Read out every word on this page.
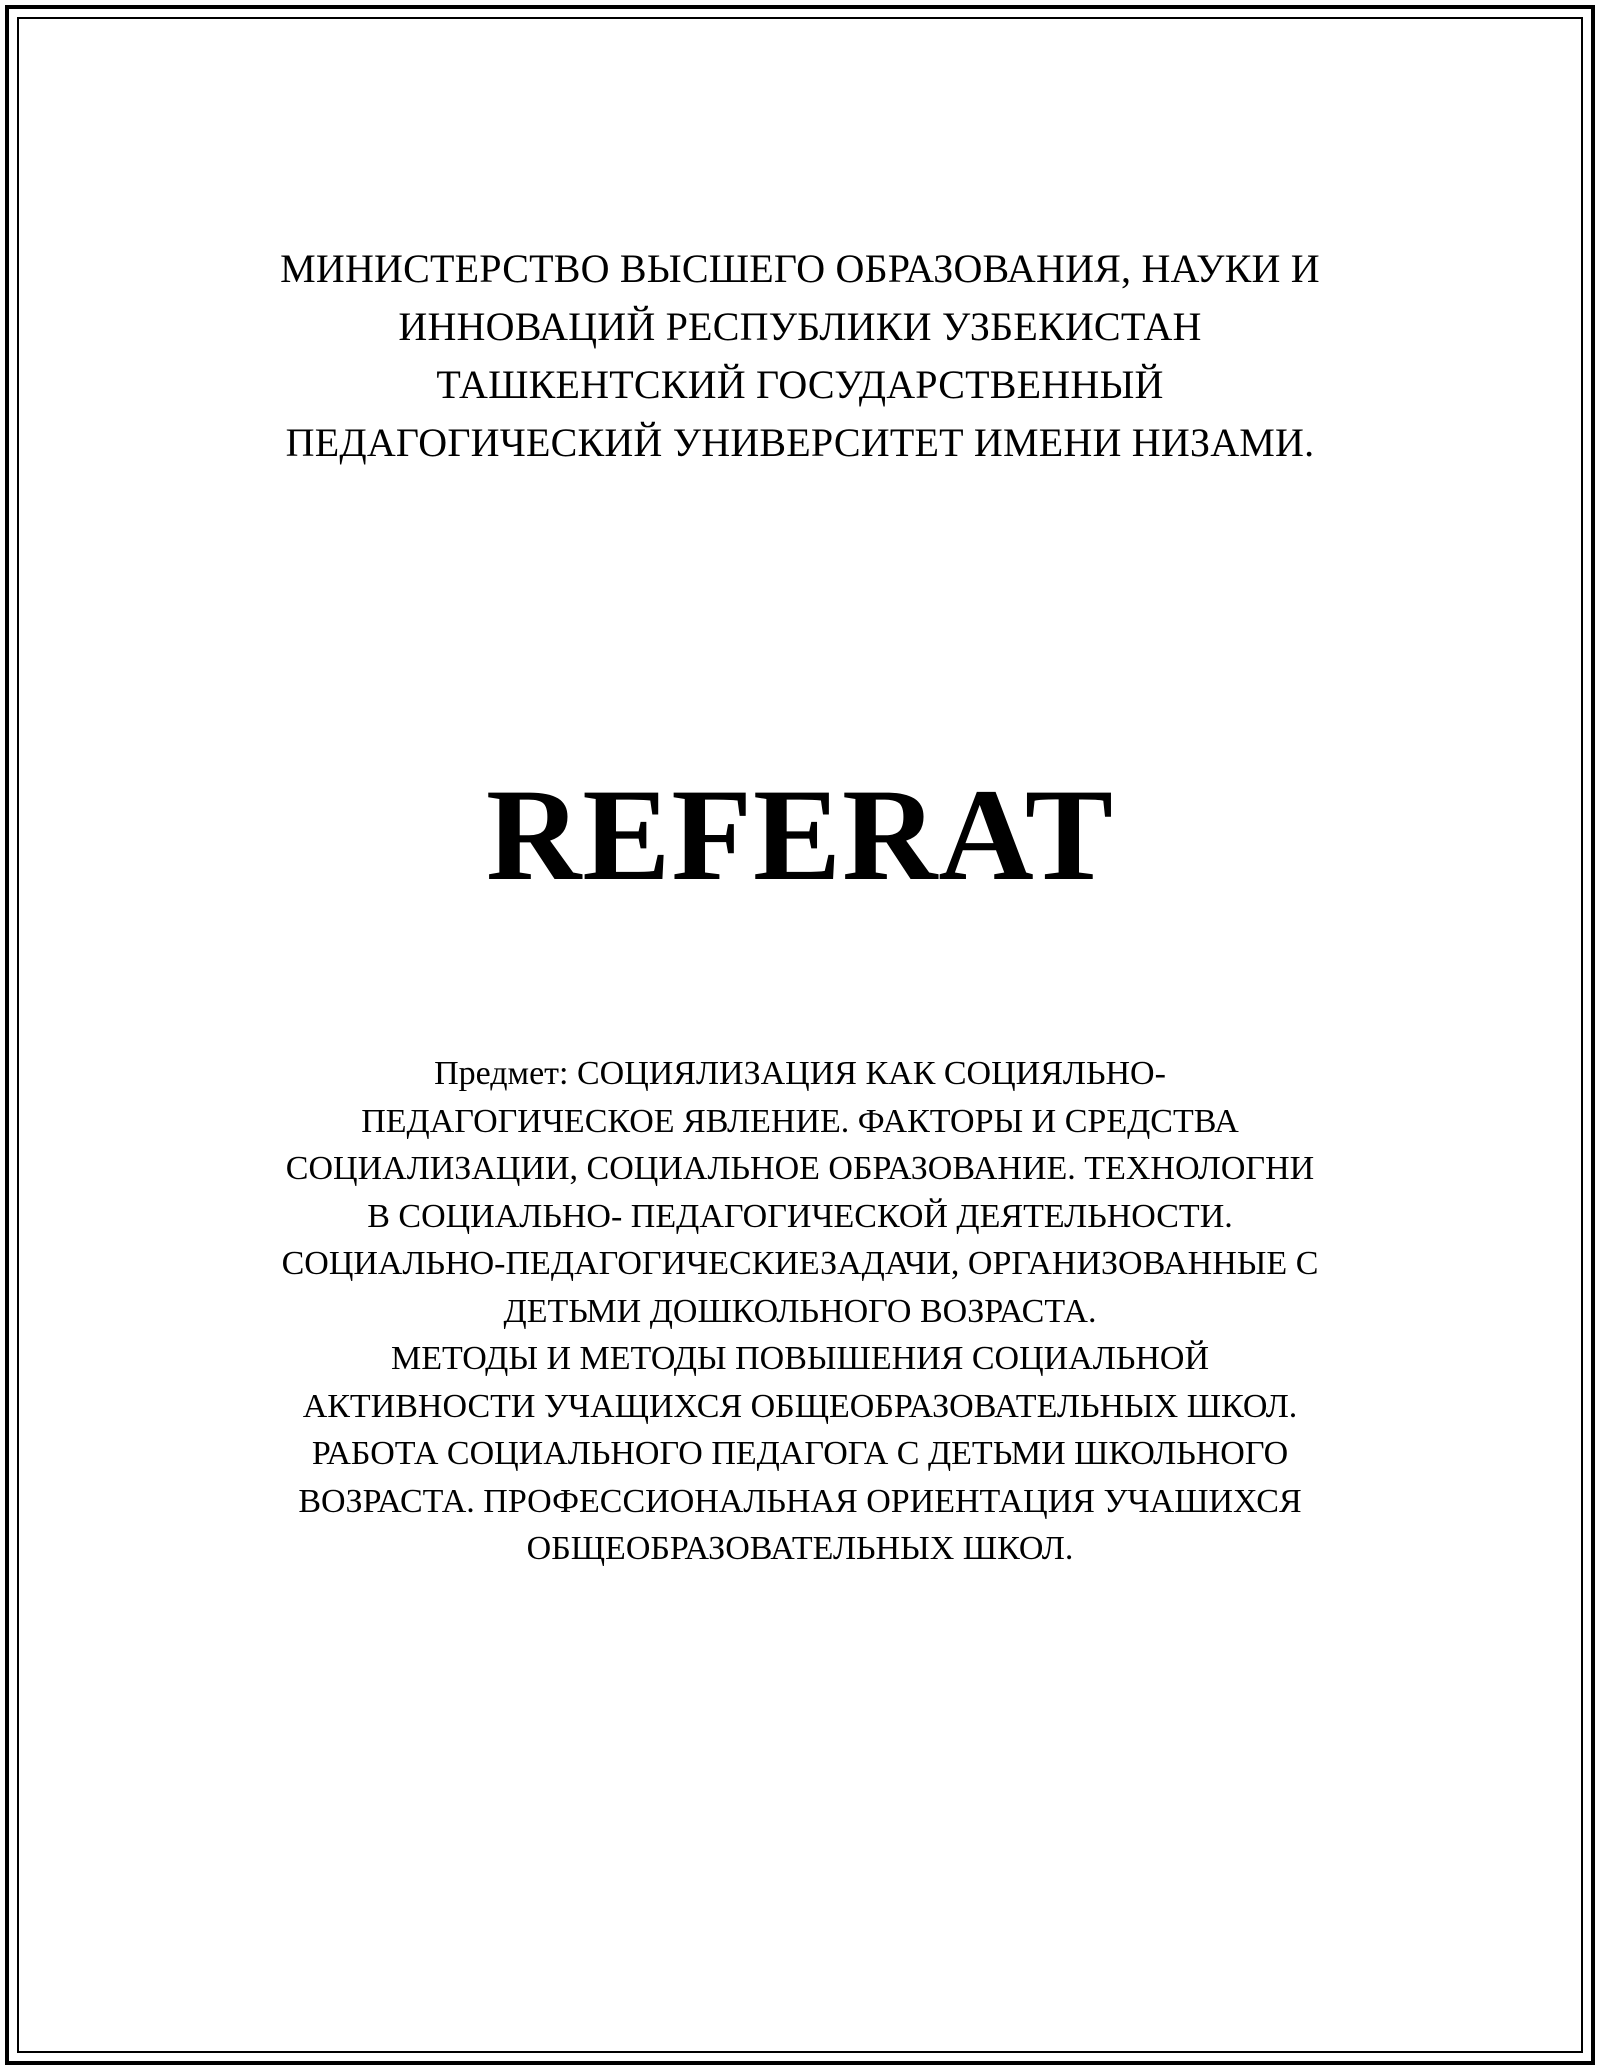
МИНИСТЕРСТВО ВЫСШЕГО ОБРАЗОВАНИЯ, НАУКИ И
ИННОВАЦИЙ РЕСПУБЛИКИ УЗБЕКИСТАН
ТАШКЕНТСКИЙ ГОСУДАРСТВЕННЫЙ
ПЕДАГОГИЧЕСКИЙ УНИВЕРСИТЕТ ИМЕНИ НИЗАМИ.
REFERAT
Предмет: СОЦИЯЛИЗАЦИЯ КАК СОЦИЯЛЬНО-
ПЕДАГОГИЧЕСКОЕ ЯВЛЕНИЕ. ФАКТОРЫ И СРЕДСТВА
СОЦИАЛИЗАЦИИ, СОЦИАЛЬНОЕ ОБРАЗОВАНИЕ. ТЕХНОЛОГНИ
В СОЦИАЛЬНО- ПЕДАГОГИЧЕСКОЙ ДЕЯТЕЛЬНОСТИ.
СОЦИАЛЬНО-ПЕДАГОГИЧЕСКИЕЗАДАЧИ, ОРГАНИЗОВАННЫЕ С
ДЕТЬМИ ДОШКОЛЬНОГО ВОЗРАСТА.
МЕТОДЫ И МЕТОДЫ ПОВЫШЕНИЯ СОЦИАЛЬНОЙ
АКТИВНОСТИ УЧАЩИХСЯ ОБЩЕОБРАЗОВАТЕЛЬНЫХ ШКОЛ.
РАБОТА СОЦИАЛЬНОГО ПЕДАГОГА С ДЕТЬМИ ШКОЛЬНОГО
ВОЗРАСТА. ПРОФЕССИОНАЛЬНАЯ ОРИЕНТАЦИЯ УЧАШИХСЯ
ОБЩЕОБРАЗОВАТЕЛЬНЫХ ШКОЛ.
